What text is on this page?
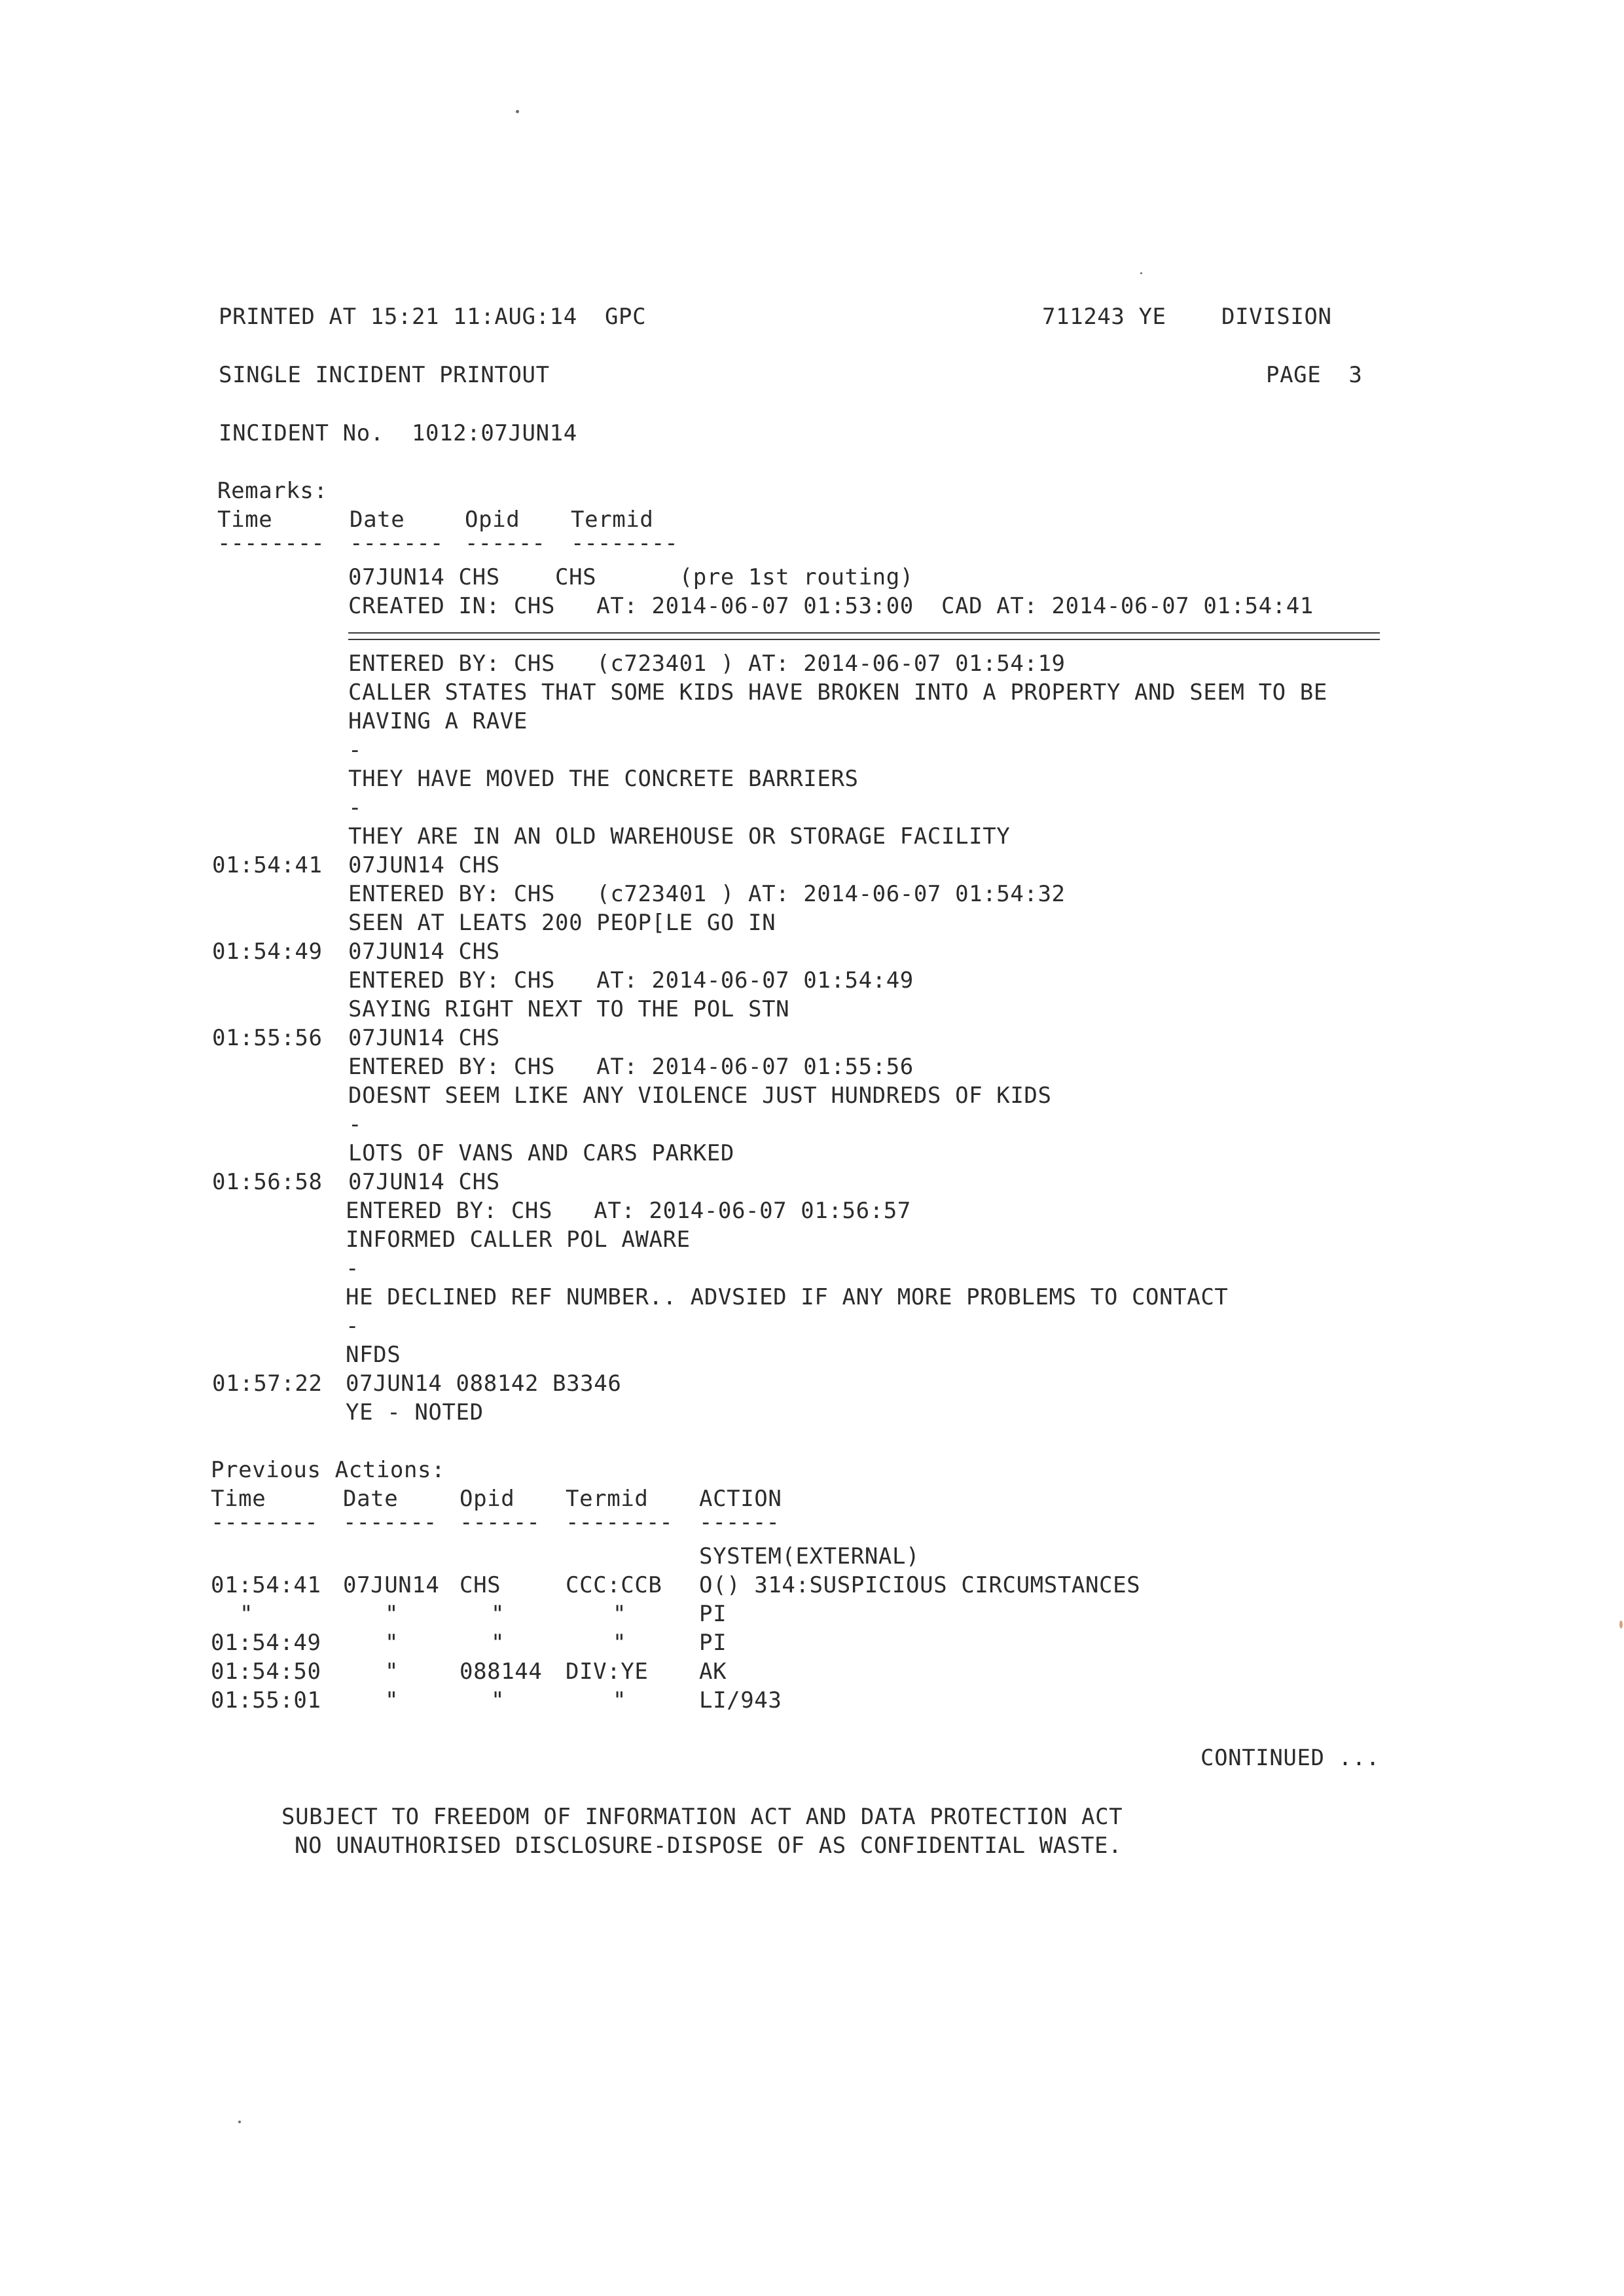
PRINTED AT 15:21 11:AUG:14  GPC	711243 YE DIVISION
SINGLE INCIDENT PRINTOUT	PAGE  3
INCIDENT No.  1012:07JUN14
Remarks:
Time	Date	Opid Termid
-------- ------- ------ --------
07JUN14 CHS    CHS      (pre 1st routing)
CREATED IN: CHS   AT: 2014-06-07 01:53:00  CAD AT: 2014-06-07 01:54:41
ENTERED BY: CHS   (c723401 ) AT: 2014-06-07 01:54:19
CALLER STATES THAT SOME KIDS HAVE BROKEN INTO A PROPERTY AND SEEM TO BE
HAVING A RAVE
-
THEY HAVE MOVED THE CONCRETE BARRIERS
-
THEY ARE IN AN OLD WAREHOUSE OR STORAGE FACILITY
01:54:41 07JUN14 CHS
ENTERED BY: CHS   (c723401 ) AT: 2014-06-07 01:54:32
SEEN AT LEATS 200 PEOP[LE GO IN
01:54:49 07JUN14 CHS
ENTERED BY: CHS   AT: 2014-06-07 01:54:49
SAYING RIGHT NEXT TO THE POL STN
01:55:56 07JUN14 CHS
ENTERED BY: CHS   AT: 2014-06-07 01:55:56
DOESNT SEEM LIKE ANY VIOLENCE JUST HUNDREDS OF KIDS
-
LOTS OF VANS AND CARS PARKED
01:56:58 07JUN14 CHS
ENTERED BY: CHS   AT: 2014-06-07 01:56:57
INFORMED CALLER POL AWARE
-
HE DECLINED REF NUMBER.. ADVSIED IF ANY MORE PROBLEMS TO CONTACT
-
NFDS
01:57:22 07JUN14 088142 B3346
YE - NOTED
Previous Actions:
Time	Date	Opid Termid ACTION
-------- ------- ------ -------- ------
SYSTEM(EXTERNAL)
01:54:41 07JUN14 CHS	CCC:CCB O() 314:SUSPICIOUS CIRCUMSTANCES
"	"	"	"	PI
01:54:49	"	"	"	PI
01:54:50	"	088144 DIV:YE AK
01:55:01	"	"	"	LI/943
CONTINUED ...
SUBJECT TO FREEDOM OF INFORMATION ACT AND DATA PROTECTION ACT
NO UNAUTHORISED DISCLOSURE-DISPOSE OF AS CONFIDENTIAL WASTE.
